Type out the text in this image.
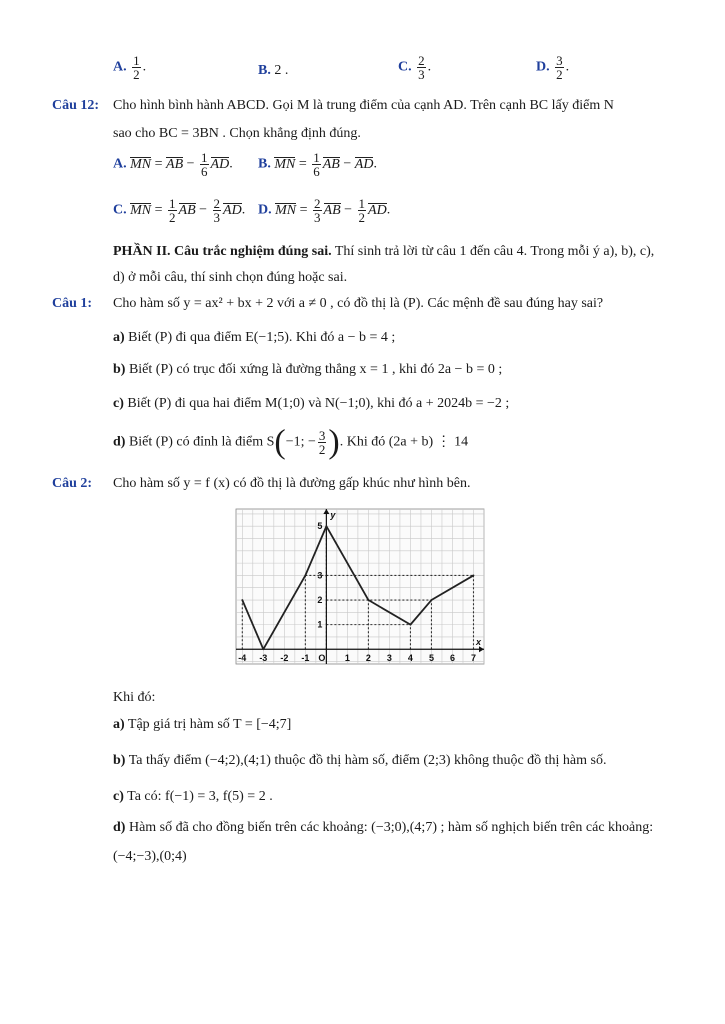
A. $\frac{1}{2}$ .	B. 2 .	C. $\frac{2}{3}$ .	D. $\frac{3}{2}$ .
Câu 12: Cho hình bình hành ABCD. Gọi M là trung điểm của cạnh AD. Trên cạnh BC lấy điểm N
sao cho BC = 3BN . Chọn khẳng định đúng.
A. MN = AB − $\frac{1}{6}$ AD. B. MN = $\frac{1}{6}$ AB − AD.
C. MN = $\frac{1}{2}$ AB − $\frac{2}{3}$ AD. D. MN = $\frac{2}{3}$ AB − $\frac{1}{2}$ AD.
PHẦN II. Câu trắc nghiệm đúng sai. Thí sinh trả lời từ câu 1 đến câu 4. Trong mỗi ý a), b), c),
d) ở mỗi câu, thí sinh chọn đúng hoặc sai.
Câu 1: Cho hàm số y = ax² + bx + 2 với a ≠ 0 , có đồ thị là (P). Các mệnh đề sau đúng hay sai?
a) Biết (P) đi qua điểm E(−1;5). Khi đó a − b = 4 ;
b) Biết (P) có trục đối xứng là đường thẳng x = 1 , khi đó 2a − b = 0 ;
c) Biết (P) đi qua hai điểm M(1;0) và N(−1;0), khi đó a + 2024b = −2 ;
d) Biết (P) có đỉnh là điểm S(−1; − $\frac{3}{2}$ ). Khi đó (2a + b) ⋮ 14
Câu 2: Cho hàm số y = f (x) có đồ thị là đường gấp khúc như hình bên.
-4 -3 -2 -1	1 2 3 4 5 6 7
1
2
3
5
O
x
y
Khi đó:
a) Tập giá trị hàm số T = [−4;7]
b) Ta thấy điểm (−4;2),(4;1) thuộc đồ thị hàm số, điểm (2;3) không thuộc đồ thị hàm số.
c) Ta có: f(−1) = 3, f(5) = 2 .
d) Hàm số đã cho đồng biến trên các khoảng: (−3;0),(4;7) ; hàm số nghịch biến trên các khoảng:
(−4;−3),(0;4)
